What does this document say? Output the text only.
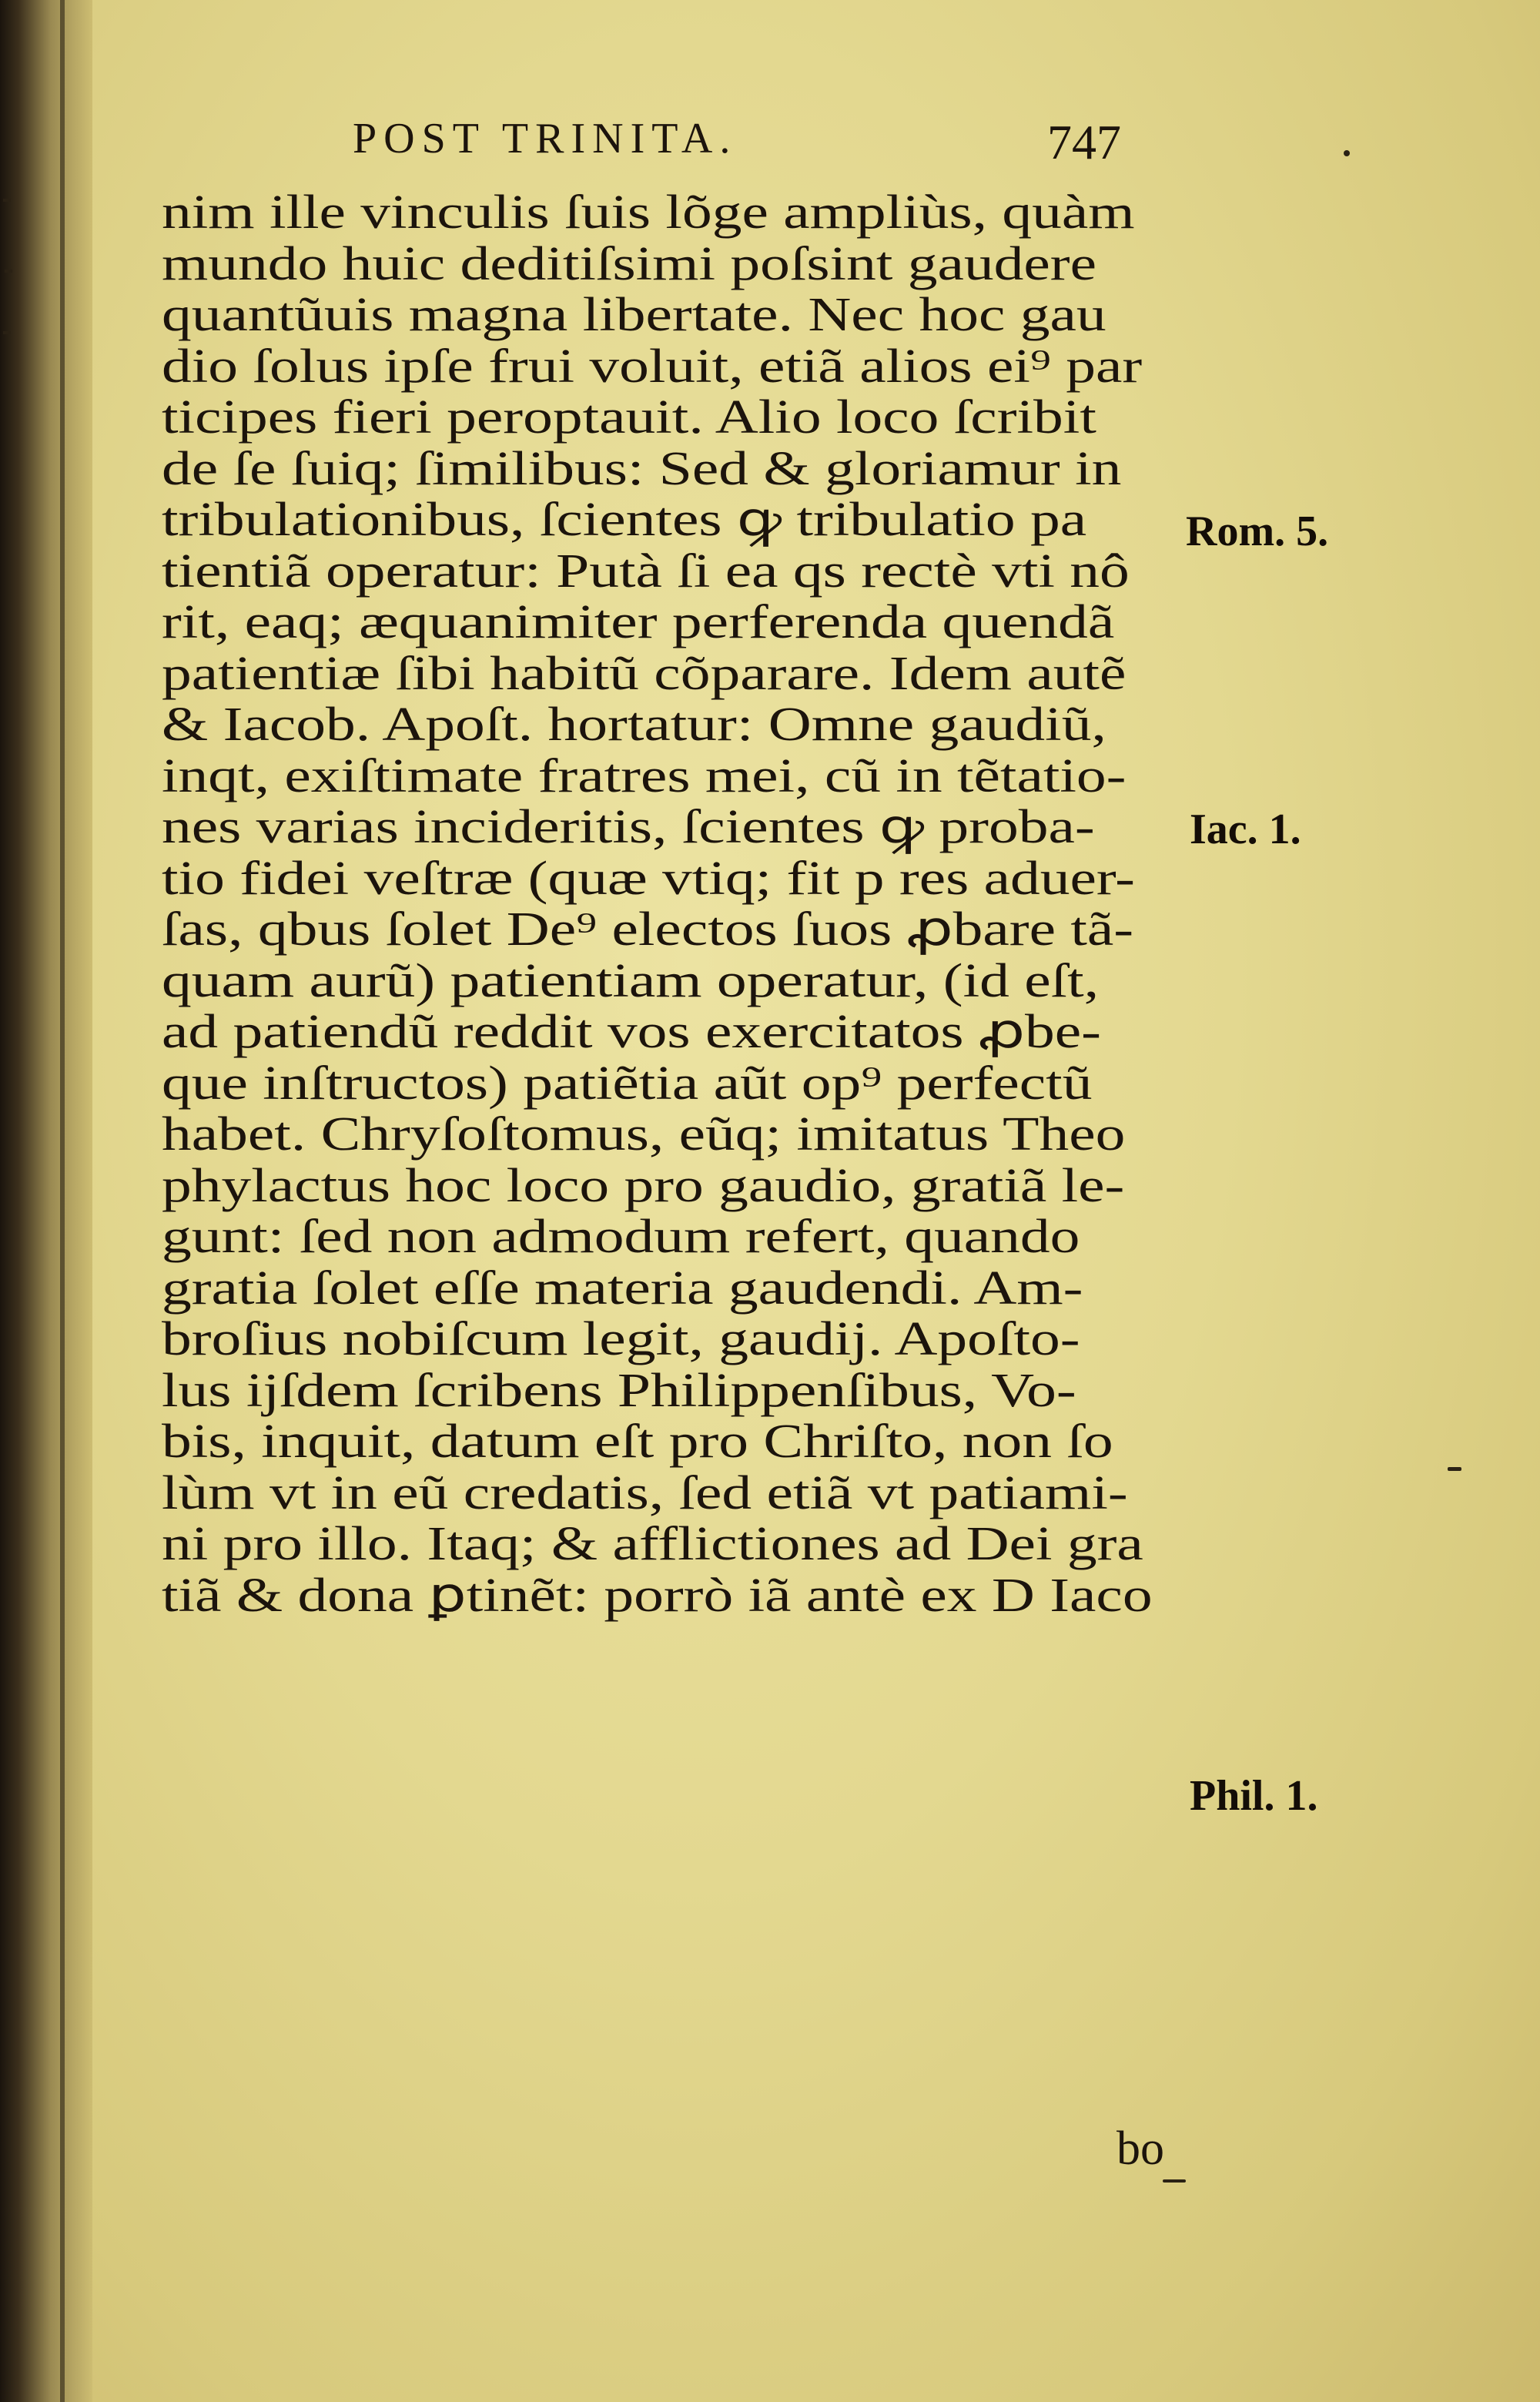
POST TRINITA.	747
nim ille vinculis ſuis lõge ampliùs, quàm
mundo huic deditiſsimi poſsint gaudere
quantũuis magna libertate. Nec hoc gau
dio ſolus ipſe frui voluit, etiã alios ei⁹ par
ticipes fieri peroptauit. Alio loco ſcribit
de ſe ſuiq; ſimilibus: Sed & gloriamur in
tribulationibus, ſcientes ꝙ tribulatio pa
tientiã operatur: Putà ſi ea qs rectè vti nô
rit, eaq; æquanimiter perferenda quendã
patientiæ ſibi habitũ cõparare. Idem autẽ
& Iacob. Apoſt. hortatur: Omne gaudiũ,
inqt, exiſtimate fratres mei, cũ in tẽtatio-
nes varias incideritis, ſcientes ꝙ proba-
tio fidei veſtræ (quæ vtiq; fit p res aduer-
ſas, qbus ſolet De⁹ electos ſuos ꝓbare tã-
quam aurũ) patientiam operatur, (id eſt,
ad patiendũ reddit vos exercitatos ꝓbe-
que inſtructos) patiẽtia aũt op⁹ perfectũ
habet. Chryſoſtomus, eũq; imitatus Theo
phylactus hoc loco pro gaudio, gratiã le-
gunt: ſed non admodum refert, quando
gratia ſolet eſſe materia gaudendi. Am-
broſius nobiſcum legit, gaudij. Apoſto-
lus ijſdem ſcribens Philippenſibus, Vo-
bis, inquit, datum eſt pro Chriſto, non ſo
lùm vt in eũ credatis, ſed etiã vt patiami-
ni pro illo. Itaq; & afflictiones ad Dei gra
tiã & dona ꝑtinẽt: porrò iã antè ex D Iaco
Rom. 5.
Iac. 1.
Phil. 1.
bo
